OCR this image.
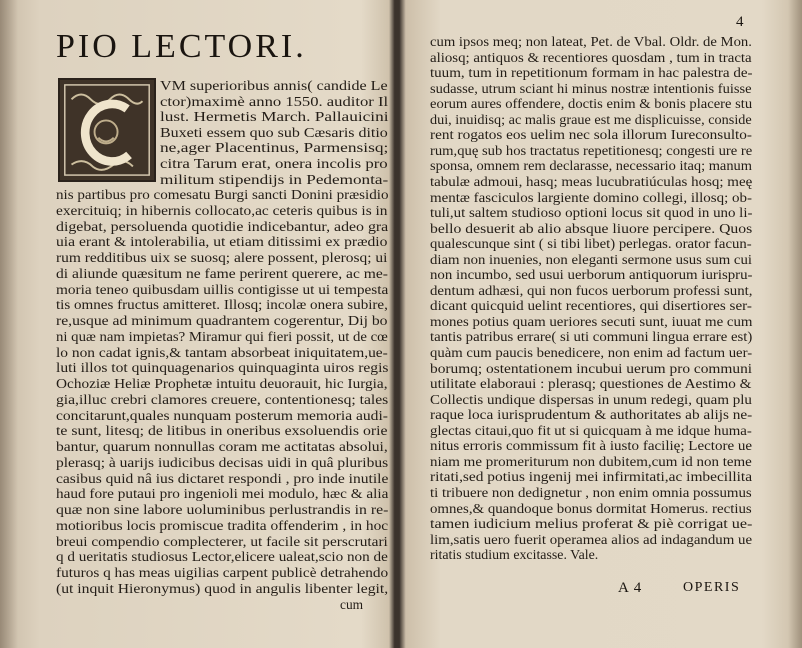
PIO LECTORI.
VM superioribus annis( candide Le
ctor)maximè anno 1550. auditor Il
lust. Hermetis March. Pallauicini
Buxeti essem quo sub Cæsaris ditio
ne,ager Placentinus, Parmensisq;
citra Tarum erat, onera incolis pro
militum stipendijs in Pedemonta-
nis partibus pro comesatu Burgi sancti Donini præsidio
exercituiq; in hibernis collocato,ac ceteris quibus is in
digebat, persoluenda quotidie indicebantur, adeo gra
uia erant & intolerabilia, ut etiam ditissimi ex prædio
rum redditibus uix se suosq; alere possent, plerosq; ui
di aliunde quæsitum ne fame perirent querere, ac me-
moria teneo quibusdam uillis contigisse ut ui tempesta
tis omnes fructus amitteret. Illosq; incolæ onera subire,
re,usque ad minimum quadrantem cogerentur, Dij bo
ni quæ nam impietas? Miramur qui fieri possit, ut de cœ
lo non cadat ignis,& tantam absorbeat iniquitatem,ue-
luti illos tot quinquagenarios quinquaginta uiros regis
Ochoziæ Heliæ Prophetæ intuitu deuorauit, hic Iurgia,
gia,illuc crebri clamores creuere, contentionesq; tales
concitarunt,quales nunquam posterum memoria audi-
te sunt, litesq; de litibus in oneribus exsoluendis orie
bantur, quarum nonnullas coram me actitatas absolui,
plerasq; à uarijs iudicibus decisas uidi in quâ pluribus
casibus quid nâ ius dictaret respondi , pro inde inutile
haud fore putaui pro ingenioli mei modulo, hæc & alia
quæ non sine labore uoluminibus perlustrandis in re-
motioribus locis promiscue tradita offenderim , in hoc
breui compendio complecterer, ut facile sit perscrutari
q d ueritatis studiosus Lector,elicere ualeat,scio non de
futuros q has meas uigilias carpent publicè detrahendo
(ut inquit Hieronymus) quod in angulis libenter legit,
cum
cum ipsos meq; non lateat, Pet. de Vbal. Oldr. de Mon.
aliosq; antiquos & recentiores quosdam , tum in tracta
tuum, tum in repetitionum formam in hac palestra de-
sudasse, utrum sciant hi minus nostræ intentionis fuisse
eorum aures offendere, doctis enim & bonis placere stu
dui, inuidisq; ac malis graue est me displicuisse, conside
rent rogatos eos uelim nec sola illorum Iureconsulto-
rum,quę sub hos tractatus repetitionesq; congesti ure re
sponsa, omnem rem declarasse, necessario itaq; manum
tabulæ admoui, hasq; meas lucubratiúculas hosq; meę
mentæ fasciculos largiente domino collegi, illosq; ob-
tuli,ut saltem studioso optioni locus sit quod in uno li-
bello desuerit ab alio absque liuore percipere. Quos
qualescunque sint ( si tibi libet) perlegas. orator facun-
diam non inuenies, non eleganti sermone usus sum cui
non incumbo, sed usui uerborum antiquorum iurispru-
dentum adhæsi, qui non fucos uerborum professi sunt,
dicant quicquid uelint recentiores, qui disertiores ser-
mones potius quam ueriores secuti sunt, iuuat me cum
tantis patribus errare( si uti communi lingua errare est)
quàm cum paucis benedicere, non enim ad factum uer-
borumq; ostentationem incubui uerum pro communi
utilitate elaboraui : plerasq; questiones de Aestimo &
Collectis undique dispersas in unum redegi, quam plu
raque loca iurisprudentum & authoritates ab alijs ne-
glectas citaui,quo fit ut si quicquam à me idque huma-
nitus erroris commissum fit à iusto facilię; Lectore ue
niam me promeriturum non dubitem,cum id non teme
ritati,sed potius ingenij mei infirmitati,ac imbecillita
ti tribuere non dedignetur , non enim omnia possumus
omnes,& quandoque bonus dormitat Homerus. rectius
tamen iudicium melius proferat & piè corrigat ue-
lim,satis uero fuerit operamea alios ad indagandum ue
ritatis studium excitasse. Vale.
4
A 4	OPERIS
